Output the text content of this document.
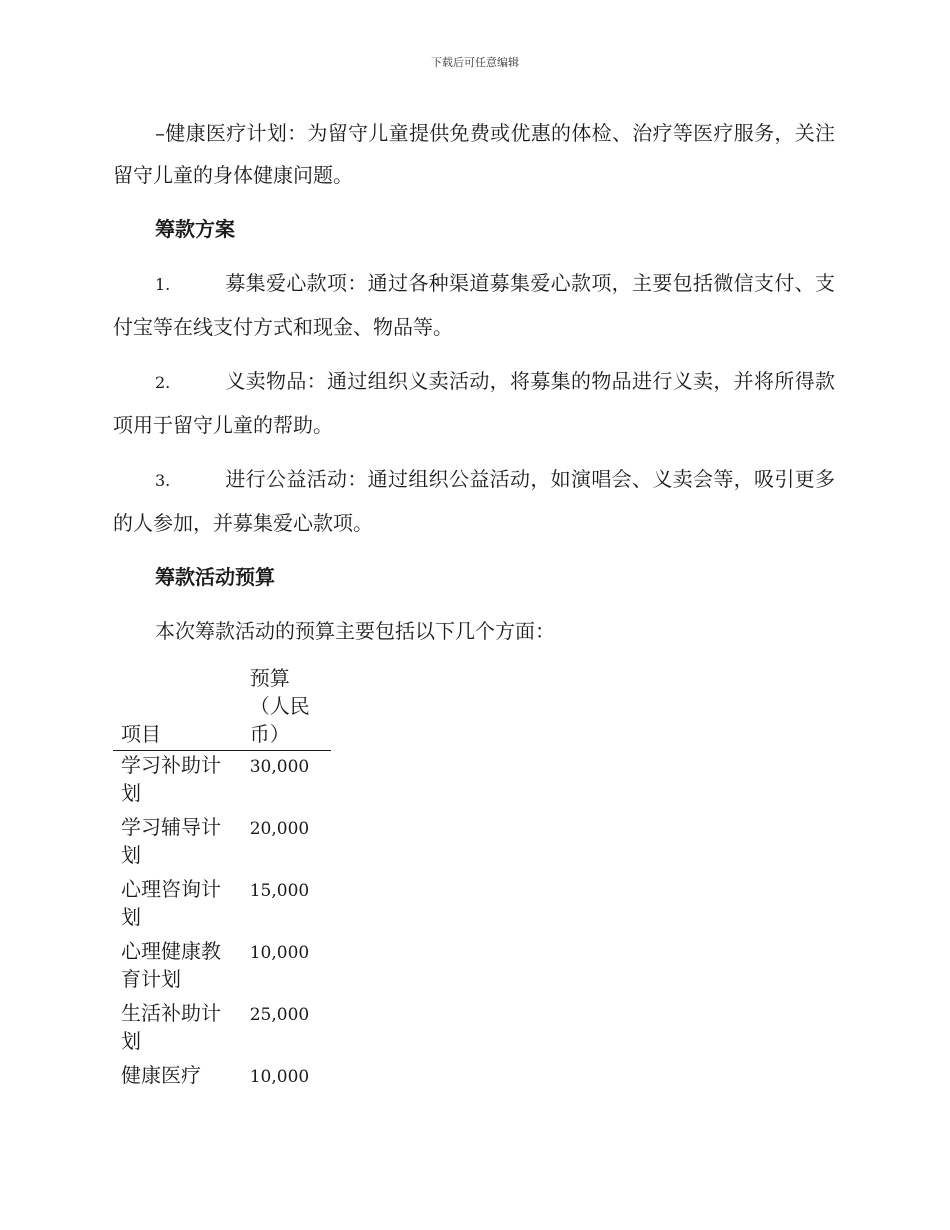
下载后可任意编辑

–健康医疗计划：为留守儿童提供免费或优惠的体检、治疗等医疗服务，关注留守儿童的身体健康问题。

筹款方案

1.	募集爱心款项：通过各种渠道募集爱心款项，主要包括微信支付、支付宝等在线支付方式和现金、物品等。

2.	义卖物品：通过组织义卖活动，将募集的物品进行义卖，并将所得款项用于留守儿童的帮助。

3.	进行公益活动：通过组织公益活动，如演唱会、义卖会等，吸引更多的人参加，并募集爱心款项。

筹款活动预算

本次筹款活动的预算主要包括以下几个方面：

项目	预算（人民币）
学习补助计划	30,000
学习辅导计划	20,000
心理咨询计划	15,000
心理健康教育计划	10,000
生活补助计划	25,000
健康医疗	10,000
